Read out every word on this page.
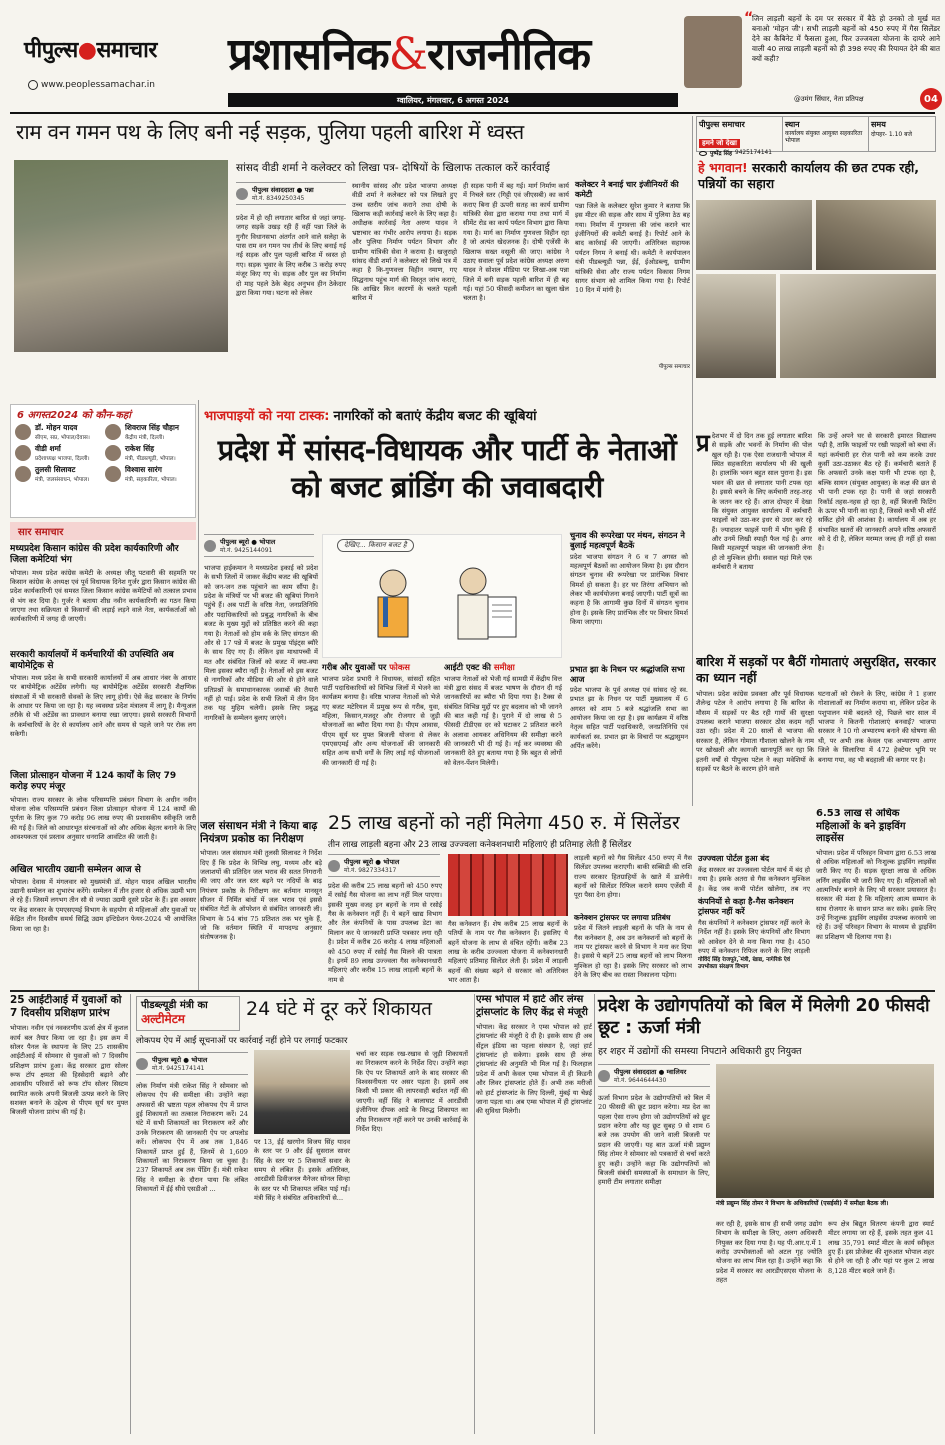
पीपुल्स●समाचार
www.peoplessamachar.in
प्रशासनिक&राजनीतिक
ग्वालियर, मंगलवार, 6 अगस्त 2024
“
जिन लाड़ली बहनों के दम पर सरकार में बैठे हो उनको तो मूर्ख मत बनाओ 'मोहन जी'। सभी लाड़ली बहनों को 450 रुपए में गैस सिलेंडर देने का कैबिनेट में फैसला हुआ, फिर उज्जवला योजना के दायरे आने वाली 40 लाख लाड़ली बहनों को ही 398 रुपए की रियायत देने की बात क्यों कही?
@उमंग सिंघार, नेता प्रतिपक्ष	04
राम वन गमन पथ के लिए बनी नई सड़क, पुलिया पहली बारिश में ध्वस्त
सांसद वीडी शर्मा ने कलेक्टर को लिखा पत्र- दोषियों के खिलाफ तत्काल करें कार्रवाई
पीपुल्स संवाददाता ● पन्ना
मो.नं. 8349250345
प्रदेश में हो रही लगातार बारिश से जहां जगह-जगह सड़कें उखड़ रही हैं वहीं पन्ना जिले के गुनौर विधानसभा अंतर्गत आने वाले सलेहा के पास राम वन गमन पथ तीर्थ के लिए बनाई गई नई सड़क और पुल पहली बारिश में ध्वस्त हो गए। सड़क भुवार के लिए करीब 3 करोड़ रुपए मंजूर किए गए थे। सड़क और पुल का निर्माण दो माह पहले ठेके बेहद अनुभव हीन ठेकेदार द्वारा किया गया। घटना को लेकर
स्थानीय सांसद और प्रदेश भाजपा अध्यक्ष वीडी शर्मा ने कलेक्टर को पत्र लिखते हुए उच्च स्तरीय जांच कराने तथा दोषी के खिलाफ कड़ी कार्रवाई करने के लिए कहा है। अधीक्षक कार्रवाई नेता अरुण यादव ने भ्रष्टाचार का गंभीर आरोप लगाया है। सड़क और पुलिया निर्माण पर्यटन विभाग और ग्रामीण यांत्रिकी सेवा ने कराया है। खजुराहो सांसद वीडी शर्मा ने कलेक्टर को लिखे पत्र में कहा है कि-गुणवत्ता विहीन नमाण, गए सिद्धनाथ पहुंच मार्ग की विस्तृत जांच कराएं, कि आखिर किन कारणों के चलते पहली बारिश में
ही सड़क पानी में बह गई। मार्ग निर्माण कार्य में निचले स्तर (गिट्टी एवं जीएसबी) का कार्य कराए बिना ही ऊपरी सतह का कार्य ग्रामीण यांत्रिकी सेवा द्वारा कराया गया तथा मार्ग में सीमेंट रोड का कार्य पर्यटन विभाग द्वारा किया गया है। मार्ग का निर्माण गुणवत्ता विहीन रहा है जो अत्यंत खेदजनक है। दोषी एजेंसी के खिलाफ सख्त वसूली की जाए। कांग्रेस ने उठाए सवालः पूर्व प्रदेश कांग्रेस अध्यक्ष अरुण यादव ने सोशल मीडिया पर लिखा-अब पन्ना जिले में बनी सड़क पहली बारिश में ही बह गई। यहां 50 फीसदी कमीशन का खुला खेल चलता है।
कलेक्टर ने बनाई चार इंजीनियरों की कमेटी
पन्ना जिले के कलेक्टर सुरेश कुमार ने बताया कि इस मीटर की सड़क और साथ में पुलिया ठेठ बह गया। निर्माण में गुणवत्ता की जांच कराने चार इंजीनियरों की कमेटी बनाई है। रिपोर्ट आने के बाद कार्रवाई की जाएगी। अतिरिक्त सहायक पर्यटन निगम ने बनाई थी। कमेटी ने कार्यपालन यंत्री पीडब्ल्यूडी पन्ना, ईई, ईओडब्ल्यू, ग्रामीण यांत्रिकी सेवा और राज्य पर्यटन विकास निगम सागर संभाग को शामिल किया गया है। रिपोर्ट 10 दिन में मांगी है।
पीपुल्स समाचार
पीपुल्स समाचार
हमने जो देखा
पुष्पेंद्र सिंह 9425174141
स्थान
कार्यालय संयुक्त आयुक्त सहकारिता भोपाल
समय
दोपहर- 1.10 बजे
हे भगवान! सरकारी कार्यालय की छत टपक रही, पन्नियों का सहारा
प्र देशभर में दो दिन तक हुई लगातार बारिश से सड़कें और भवनों के निर्माण की पोल खुल रही है। एक ऐसा राजधानी भोपाल में स्थित सहकारिता कार्यालय भी की खुली है। हालांकि भवन बहुत साल पुराना है। इस भवन की छत से लगातार पानी टपक रहा है। इससे बचने के लिए कर्मचारी तरह-तरह के जतन कर रहे हैं। आज दोपहर में देखा कि संयुक्त आयुक्त कार्यालय में कर्मचारी फाइलों को उठा-कर इधर से उधर कर रहे हैं। ज्यादातर फाइलें पानी में भीग चुकी हैं और उनमें लिखी स्याही फैल गई है। अगर किसी महत्वपूर्ण फाइल की जानकारी लेना हो तो मुश्किल होगी। सवाल यहां मिले एक कर्मचारी ने बताया
कि उन्हें अपने घर से सरकारी इमारत विद्यालय पढ़ी है, ताकि फाइलों पर रखी फाइलों को बचा लें। यहां कर्मचारी हर रोज पानी को कम करके उधर कुर्सी उठा-उठाकर बैठ रहे हैं। कर्मचारी बताते हैं कि अफसरों उनके कक्ष पानी भी टपक रहा है, बल्कि सायन (संयुक्त आयुक्त) के कक्ष की छत से भी पानी टपक रहा है। पानी से जहां सरकारी रिकॉर्ड तहस-नहस हो रहा है, वहीं बिजली फिटिंग के ऊपर भी पानी का रहा है, जिससे कभी भी शॉर्ट सर्किट होने की आशंका है। कार्यालय में अब हर संभावित खतरों की जानकारी अपने वरिष्ठ अफसरों को दे दी है, लेकिन मरम्मत जल्द ही नहीं हो सका है।
6 अगस्त2024 को कौन-कहां
डॉ. मोहन यादव
सीएम, सप्र, भोपाल/देवास।
शिवराज सिंह चौहान
केंद्रीय मंत्री, दिल्ली।
वीडी शर्मा
प्रदेशाध्यक्ष भाजपा, दिल्ली।
राकेश सिंह
मंत्री, पीडब्ल्यूडी, भोपाल।
तुलसी सिलावट
मंत्री, जलसंसाधन, भोपाल।
विश्वास सारंग
मंत्री, सहकारिता, भोपाल।
भाजपाइयों को नया टास्क: नागरिकों को बताएं केंद्रीय बजट की खूबियां
प्रदेश में सांसद-विधायक और पार्टी के नेताओं को बजट ब्रांडिंग की जवाबदारी
पीपुल्स ब्यूरो ● भोपाल
मो.नं. 9425144091
भाजपा हाईकमान ने मध्यप्रदेश इकाई को प्रदेश के सभी जिलों में जाकर केंद्रीय बजट की खूबियों को जन-जन तक पहुंचाने का काम सौंपा है। प्रदेश के मंत्रियों पर भी बजट की खूबियां गिनाने पहुंचे हैं। अब पार्टी के वरिष्ठ नेता, जनप्रतिनिधि और पदाधिकारियों को प्रबुद्ध नागरिकों के बीच बजट के मुख्य मुद्दों को प्रतिष्ठित करने की कहा गया है। नेताओं को होम वर्क के लिए संगठन की ओर से 17 पन्ने में बजट के प्रमुख पॉइंट्स ब्यौरे के साथ दिए गए हैं। लेकिन इस माथापच्ची में मत और संबंधित जिलों को बजट में क्या-क्या मिला इसका ब्यौरा नहीं है। नेताओं को इस बजट से नागरिकों और मीडिया की ओर से होने वाले प्रतिप्रश्नों के समाधानकारक जवाबों की तैयारी नहीं हो पाई। प्रदेश के सभी जिलों में तीन दिन तक यह मुहिम चलेगी। इसके लिए प्रबुद्ध नागरिकों के सम्मेलन बुलाए जाएंगे।
देखिए... किसान बजट है
गरीब और युवाओं पर फोकस
भाजपा प्रदेश प्रभारी ने विधायक, सांसदों सहित पार्टी पदाधिकारियों को विभिन्न जिलों में भेजने का कार्यक्रम बनाया है। वरिष्ठ भाजपा नेताओं को भेजे गए बजट मटेरियल में प्रमुख रूप से गरीब, युवा, महिला, किसान,मजदूर और रोजगार से जुड़ी योजनाओं का ब्यौरा दिया गया है। पीएम आवास, पीएम सूर्य घर मुफ्त बिजली योजना से लेकर एमएसएमई और अन्य योजनाओं की जानकारी सहित अन्य सभी वर्गों के लिए लाई गई योजनाओं की जानकारी दी गई है।
आईटी एक्ट की समीक्षा
भाजपा नेताओं को भेजी गई सामग्री में केंद्रीय वित्त मंत्री द्वारा संसद में बजट भाषण के दौरान दी गई जानकारियों का ब्यौरा भी दिया गया है। टैक्स से संबंधित विभिन्न मुद्दों पर हुए बदलाव को भी जानने की बात कही गई है। पुराने में दो लाख से 5 फीसदी टीडीएस दर को घटाकर 2 प्रतिशत करने के अलावा आयकर अधिनियम की समीक्षा करने की जानकारी भी दी गई है। नई कर व्यवस्था की जानकारी देते हुए बताया गया है कि बहुत से लोगों को वेतन-पेंशन मिलेगी।
चुनाव की रूपरेखा पर मंथन, संगठन ने बुलाई महत्वपूर्ण बैठकें
प्रदेश भाजपा संगठन ने 6 व 7 अगस्त को महत्वपूर्ण बैठकों का आयोजन किया है। इस दौरान संगठन चुनाव की रूपरेखा पर प्रारंभिक विचार विमर्श हो सकता है। हर घर तिरंगा अभियान को लेकर भी कार्ययोजना बनाई जाएगी। पार्टी सूत्रों का कहना है कि आगामी कुछ दिनों में संगठन चुनाव होना है। इसके लिए प्रारंभिक तौर पर विचार विमर्श किया जाएगा।
प्रभात झा के निधन पर श्रद्धांजलि सभा आज
प्रदेश भाजपा के पूर्व अध्यक्ष एवं सांसद रहे स्व. प्रभात झा के निधन पर पार्टी मुख्यालय में 6 अगस्त को शाम 5 बजे श्रद्धांजलि सभा का आयोजन किया जा रहा है। इस कार्यक्रम में वरिष्ठ नेतृत्व सहित पार्टी पदाधिकारी, जनप्रतिनिधि एवं कार्यकर्ता स्व. प्रभात झा के विचारों पर श्रद्धासुमन अर्पित करेंगे।
सार समाचार
मध्यप्रदेश किसान कांग्रेस की प्रदेश कार्यकारिणी और जिला कमेटियां भंग
भोपाल। मध्य प्रदेश कांग्रेस कमेटी के अध्यक्ष जीतू पटवारी की सहमति पर किसान कांग्रेस के अध्यक्ष एवं पूर्व विधायक दिनेश गुर्जर द्वारा किसान कांग्रेस की प्रदेश कार्यकारिणी एवं समस्त जिला किसान कांग्रेस कमेटियों को तत्काल प्रभाव से भंग कर दिया है। गुर्जर ने बताया शीघ्र नवीन कार्यकारिणी का गठन किया जाएगा तथा सक्रियता से किसानों की लड़ाई लड़ने वाले नेता, कार्यकर्ताओं को कार्यकारिणी में जगह दी जाएगी।
सरकारी कार्यालयों में कर्मचारियों की उपस्थिति अब बायोमेट्रिक से
भोपाल। मध्य प्रदेश के सभी सरकारी कार्यालयों में अब आधार नंबर के आधार पर बायोमेट्रिक अटेंडेंस लगेगी। यह बायोमेट्रिक अटेंडेंस सरकारी शैक्षणिक संस्थाओं में भी सरकारी सेवकों के लिए लागू होगी। ऐसे केंद्र सरकार के निर्णय के आधार पर किया जा रहा है। यह व्यवस्था प्रदेश मंत्रालय में लागू है। मैन्युअल तरीके से भी अटेंडेंस का प्रावधान बनाया रखा जाएगा। इससे सरकारी विभागों के कर्मचारियों के देर से कार्यालय आने और समय से पहले जाने पर रोक लग सकेगी।
जिला प्रोत्साहन योजना में 124 कार्यों के लिए 79 करोड़ रुपए मंजूर
भोपाल। राज्य सरकार के लोक परिसम्पत्ति प्रबंधन विभाग के अधीन नवीन योजना लोक परिसम्पत्ति प्रबंधन जिला प्रोत्साहन योजना में 124 कार्यों की पूर्णता के लिए कुल 79 करोड़ 96 लाख रुपए की प्रशासकीय स्वीकृति जारी की गई है। जिले को आधारभूत संरचनाओं को और अधिक बेहतर बनाने के लिए आवश्यकता एवं प्रस्ताव अनुसार धनराशि आवंटित की जाती है।
अखिल भारतीय उद्यानी सम्मेलन आज से
भोपाल। देवास में मंगलवार को मुख्यमंत्री डॉ. मोहन यादव अखिल भारतीय उद्यानी सम्मेलन का शुभारंभ करेंगे। सम्मेलन में तीन हजार से अधिक उद्यमी भाग ले रहे हैं। जिसमें लगभग तीन सौ से ज्यादा उद्यमी दूसरे प्रदेश के हैं। इस अवसर पर केंद्र सरकार के एमएसएमई विभाग के सहयोग से महिलाओं और युवाओं पर केंद्रित तीन दिवसीय समर्थ सिद्धि उद्यम इन्टिग्रेशन फेयर-2024 भी आयोजित किया जा रहा है।
बारिश में सड़कों पर बैठीं गोमाताएं असुरक्षित, सरकार का ध्यान नहीं
भोपाल। प्रदेश कांग्रेस प्रवक्ता और पूर्व विधायक शैलेन्द्र पटेल ने आरोप लगाया है कि बारिश के मौसम में सड़कों पर बैठ रही गायों की सुरक्षा उपलब्ध कराने भाजपा सरकार ठोस कदम नहीं उठा रही। प्रदेश में 20 सालों से भाजपा की सरकार है, लेकिन गोमाता गौशाला खोलने के नाम पर खोखली और कागजी खानापूर्ति कर रहा कि इतनी वर्षों से पीपुल्स पटेल ने कहा मवेशियों के सड़कों पर बैठने के कारण होने वाले
घटनाओं को रोकने के लिए, कांग्रेस ने 1 हजार गोशालाओं का निर्माण कराया था, लेकिन प्रदेश के पशुपालन मंत्री बदलते रहे, पिछले चार साल में भाजपा ने कितनी गोशालाएं बनवाईं? भाजपा सरकार ने 10 गो अभ्यारण्य बनाने की घोषणा की थी, पर अभी तक केवल एक अभ्यारण्य आगर जिले के सिलारिया में 472 हेक्टेयर भूमि पर बनाया गया, वह भी बदहाली की कगार पर है।
जल संसाधन मंत्री ने किया बाढ़ नियंत्रण प्रकोष्ठ का निरीक्षण
भोपाल। जल संसाधन मंत्री तुलसी सिलावट ने निर्देश दिए हैं कि प्रदेश के विभिन्न लघु, मध्यम और बड़े जलाशयों की प्रतिदिन जल भराव की सतत निगरानी की जाए और जल स्तर बढ़ने पर नदियों के बाढ़ नियंत्रण प्रकोष्ठ के निरीक्षण कर बर्तमान मानसून सीजन में निर्मित बांधों में जल भराव एवं इससे संबंधित गेटों के ऑपरेशन से संबंधित जानकारी ली। विभाग के 54 बांध 75 प्रतिशत तक भर चुके हैं, जो कि वर्तमान स्थिति में मापदण्ड अनुसार संतोषजनक है।
25 लाख बहनों को नहीं मिलेगा 450 रु. में सिलेंडर
तीन लाख लाड़ली बहना और 23 लाख उज्ज्वला कनेक्शनधारी महिलाएं ही प्रतिमाह लेती हैं सिलेंडर
पीपुल्स ब्यूरो ● भोपाल
मो.नं. 9827334317
प्रदेश की करीब 25 लाख बहनों को 450 रुपए में रसोई गैस योजना का लाभ नहीं मिल पाएगा। इसकी मुख्य वजह इन बहनों के नाम से रसोई गैस के कनेक्शन नहीं हैं। ये बहनें खाद्य विभाग और तेल कंपनियों के पास उपलब्ध डेटा का मिलान कर ये जानकारी प्राप्ति पत्रकार लगा रही है। प्रदेश में करीब 26 करोड़ 4 लाख महिलाओं को 450 रुपए में रसोई गैस मिलने की पात्रता है। इनमें 89 लाख उज्ज्वला गैस कनेक्शनधारी महिलाएं और करीब 15 लाख लाड़ली बहनों के नाम से
गैस कनेक्शन हैं। शेष करीब 25 लाख बहनों के पतियों के नाम पर गैस कनेक्शन हैं। इसलिए ये बहनें योजना के लाभ से वंचित रहेंगी। करीब 23 लाख के करीब उज्ज्वला योजना में कनेक्शनधारी महिलाएं प्रतिमाह सिलेंडर लेती हैं। प्रदेश में लाड़ली बहनों की संख्या बढ़ने से सरकार को अतिरिक्त भार आता है।
लाड़ली बहनों को गैस सिलेंडर 450 रुपए में गैस सिलेंडर उपलब्ध कराएगी। बाकी सब्सिडी की राशि राज्य सरकार हितग्राहियों के खाते में डालेगी। बहनों को सिलेंडर रिफिल कराने समय एजेंसी में पूरा पैसा देना होगा।
कनेक्शन ट्रांसफर पर लगाया प्रतिबंध
प्रदेश में जितने लाड़ली बहनों के पति के नाम से गैस कनेक्शन है, अब उन कनेक्शनों को बहनों के नाम पर ट्रांसफर करने से विभाग ने मना कर दिया है। इससे ये बहनें 25 लाख बहनों को लाभ मिलना मुश्किल हो रहा है। इसके लिए सरकार को लाभ देने के लिए बीच का रास्ता निकालना पड़ेगा।
उज्ज्वला पोर्टल हुआ बंद
केंद्र सरकार का उज्जवला पोर्टल मार्च में बंद हो गया है। इसके अतरा से गैस कनेक्शन मुश्किल है। केंद्र जब कभी पोर्टल खोलेगा, तब नए
कंपनियों से कहा है-गैस कनेक्शन ट्रांसफर नहीं करें
गैस कंपनियों ने कनेक्शन ट्रांसफर नहीं करने के निर्देश नहीं है। इसके लिए कंपनियों और विभाग को आवेदन देने से मना किया गया है। 450 रुपए में कनेक्शन रिफिल करने के लिए लाड़ली
गोविंद सिंह राजपूत, मंत्री, खाद्य, नागरिक एवं उपभोक्ता संरक्षण विभाग
6.53 लाख से अधिक महिलाओं के बने ड्राइविंग लाइसेंस
भोपाल। प्रदेश में परिवहन विभाग द्वारा 6.53 लाख से अधिक महिलाओं को निःशुल्क ड्राइविंग लाइसेंस जारी किए गए हैं। सड़क सुरक्षा लाख से अधिक लर्निंग लाइसेंस भी जारी किए गए हैं। महिलाओं को आत्मनिर्भर बनाने के लिए भी सरकार प्रयासरत है। सरकार की मंशा है कि महिलाएं आत्म सम्मान के साथ रोजगार के साधन प्राप्त कर सके। इसके लिए उन्हें निःशुल्क ड्राइविंग लाइसेंस उपलब्ध करवाये जा रहे हैं। उन्हें परिवहन विभाग के माध्यम से ड्राइविंग का प्रशिक्षण भी दिलाया गया है।
25 आईटीआई में युवाओं को 7 दिवसीय प्रशिक्षण प्रारंभ
भोपाल। नवीन एवं नवकरणीय ऊर्जा क्षेत्र में कुशल कार्य बल तैयार किया जा रहा है। इस क्रम में सोलर पैनल के स्थापना के लिए 25 शासकीय आईटीआई में सोमवार से युवाओं को 7 दिवसीय प्रशिक्षण प्रारंभ हुआ। केंद्र सरकार द्वारा सोलर रूफ टॉप क्षमता की हिस्सेदारी बढ़ाने और आवासीय परिवारों को रूफ टॉप सोलर सिस्टम स्थापित करके अपनी बिजली उत्पन्न करने के लिए सशक्त बनाने के उद्देश्य से पीएम सूर्य घर मुफ्त बिजली योजना प्रारंभ की गई है।
पीडब्ल्यूडी मंत्री का अल्टीमेटम	24 घंटे में दूर करें शिकायत
लोकपथ ऐप में आईं सूचनाओं पर कार्रवाई नहीं होने पर लगाई फटकार
पीपुल्स ब्यूरो ● भोपाल
मो.नं. 9425174141
लोक निर्माण मंत्री राकेश सिंह ने सोमवार को लोकपथ ऐप की समीक्षा की। उन्होंने कहा अफसरों की भ्रष्टता पहल लोकपथ ऐप में प्राप्त हुई शिकायतों का तत्काल निराकरण करें। 24 घंटे में सभी शिकायतों का निराकरण करें और उनके निराकरण की जानकारी ऐप पर अपलोड करें। लोकपथ ऐप में अब तक 1,846 शिकायतें प्राप्त हुई हैं, जिनमें से 1,609 शिकायतों का निराकरण किया जा चुका है। 237 शिकायतें अब तक पेंडिंग हैं। मंत्री राकेश सिंह ने समीक्षा के दौरान पाया कि लंबित शिकायतों में ईई सीधे एसडीओ ...
पर 13, ईई खरगोन विजय सिंह यादव के स्तर पर 9 और ईई सुसराल सावर सिंह के स्तर पर 5 शिकायतें सवार के समय से लंबित हैं। इसके अतिरिक्त, आरडीसी डिवीजनल मैनेजर सोनल सिन्हा के स्तर पर भी शिकायत लंबित पाई गईं। मंत्री सिंह ने संबंधित अधिकारियों से...
चर्चा कर सड़क रख-रखाव से जुड़ी शिकायतों का निराकरण करने के निर्देश दिए। उन्होंने कहा कि ऐप पर शिकायतें आने के बाद सरकार की विश्वसनीयता पर असर पड़ता है। इसमें अब किसी भी प्रकार की लापरवाही बर्दाश्त नहीं की जाएगी। वहीं सिंह ने बालाघाट में आरडीसी इंजीनियर दीपक आडे के विरुद्ध शिकायत का शीघ्र निराकरण नहीं करने पर उनकी कार्रवाई के निर्देश दिए।
एम्स भोपाल में हार्ट और लंग्स ट्रांसप्लांट के लिए केंद्र से मंजूरी
भोपाल। केंद्र सरकार ने एम्स भोपाल को हार्ट ट्रांसप्लांट की मंजूरी दे दी है। इसके साथ ही अब सेंट्रल इंडिया का पहला संस्थान है, जहां हार्ट ट्रांसप्लांट हो सकेगा। इसके साथ ही लंग्स ट्रांसप्लांट की अनुमति भी मिल गई है। फिलहाल प्रदेश में अभी केवल एम्स भोपाल में ही किडनी और लिवर ट्रांसप्लांट होते हैं। अभी तक मरीजों को हार्ट ट्रांसप्लांट के लिए दिल्ली, मुंबई या चेन्नई जाना पड़ता था। अब एम्स भोपाल में ही ट्रांसप्लांट की सुविधा मिलेगी।
प्रदेश के उद्योगपतियों को बिल में मिलेगी 20 फीसदी छूट : ऊर्जा मंत्री
हर शहर में उद्योगों की समस्या निपटाने अधिकारी हुए नियुक्त
पीपुल्स संवाददाता ● ग्वालियर
मो.नं. 9644644430
ऊर्जा विभाग प्रदेश के उद्योगपतियों को बिल में 20 फीसदी की छूट प्रदान करेगा। मप्र देश का पहला ऐसा राज्य होगा जो उद्योगपतियों को छूट प्रदान करेगा और यह छूट सुबह 9 से शाम 6 बजे तक उपयोग की जाने वाली बिजली पर प्रदान की जाएगी। यह बात ऊर्जा मंत्री प्रद्युम्न सिंह तोमर ने सोमवार को पत्रकारों से चर्चा करते हुए कही। उन्होंने कहा कि उद्योगपतियों को बिजली संबंधी समस्याओं के समाधान के लिए, हमारी टीम लगातार समीक्षा
मंत्री प्रद्युम्न सिंह तोमर ने विभाग के अधिकारियों (एसईसी) में समीक्षा बैठक ली।
कर रही है, इसके साथ ही सभी जगह उद्योग विभाग के समीक्षा के लिए, अलग अधिकारी नियुक्त कर दिया गया है। यह पी.आर.ए.में 1 करोड़ उपभोक्ताओं को अटल गृह ज्योति योजना का लाभ मिल रहा है। उन्होंने कहा कि प्रदेश में सरकार का आरडीएसएस योजना के तहत
रूप क्षेत्र बिद्युत वितरण कंपनी द्वारा स्मार्ट मीटर लगाया जा रहे हैं, इसके तहत कुल 41 लाख 35,791 स्मार्ट मीटर के कार्य स्वीकृत हुए हैं। इस प्रोजेक्ट की शुरुआत भोपाल शहर से होने जा रही है और यहां पर कुल 2 लाख 8,128 मीटर बदले जाने हैं।
